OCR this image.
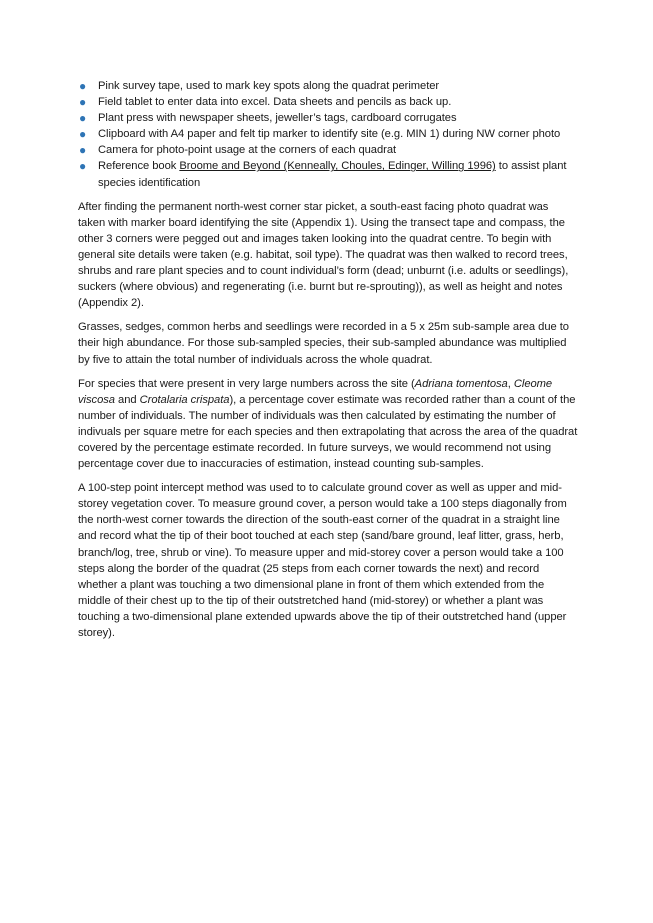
● Pink survey tape, used to mark key spots along the quadrat perimeter
● Field tablet to enter data into excel. Data sheets and pencils as back up.
● Plant press with newspaper sheets, jeweller’s tags, cardboard corrugates
● Clipboard with A4 paper and felt tip marker to identify site (e.g. MIN 1) during NW corner photo
● Camera for photo-point usage at the corners of each quadrat
● Reference book Broome and Beyond (Kenneally, Choules, Edinger, Willing 1996) to assist plant species identification

After finding the permanent north-west corner star picket, a south-east facing photo quadrat was taken with marker board identifying the site (Appendix 1). Using the transect tape and compass, the other 3 corners were pegged out and images taken looking into the quadrat centre. To begin with general site details were taken (e.g. habitat, soil type). The quadrat was then walked to record trees, shrubs and rare plant species and to count individual’s form (dead; unburnt (i.e. adults or seedlings), suckers (where obvious) and regenerating (i.e. burnt but re-sprouting)), as well as height and notes (Appendix 2).

Grasses, sedges, common herbs and seedlings were recorded in a 5 x 25m sub-sample area due to their high abundance. For those sub-sampled species, their sub-sampled abundance was multiplied by five to attain the total number of individuals across the whole quadrat.

For species that were present in very large numbers across the site (Adriana tomentosa, Cleome viscosa and Crotalaria crispata), a percentage cover estimate was recorded rather than a count of the number of individuals. The number of individuals was then calculated by estimating the number of indivuals per square metre for each species and then extrapolating that across the area of the quadrat covered by the percentage estimate recorded. In future surveys, we would recommend not using percentage cover due to inaccuracies of estimation, instead counting sub-samples.

A 100-step point intercept method was used to to calculate ground cover as well as upper and mid-storey vegetation cover. To measure ground cover, a person would take a 100 steps diagonally from the north-west corner towards the direction of the south-east corner of the quadrat in a straight line and record what the tip of their boot touched at each step (sand/bare ground, leaf litter, grass, herb, branch/log, tree, shrub or vine). To measure upper and mid-storey cover a person would take a 100 steps along the border of the quadrat (25 steps from each corner towards the next) and record whether a plant was touching a two dimensional plane in front of them which extended from the middle of their chest up to the tip of their outstretched hand (mid-storey) or whether a plant was touching a two-dimensional plane extended upwards above the tip of their outstretched hand (upper storey).
